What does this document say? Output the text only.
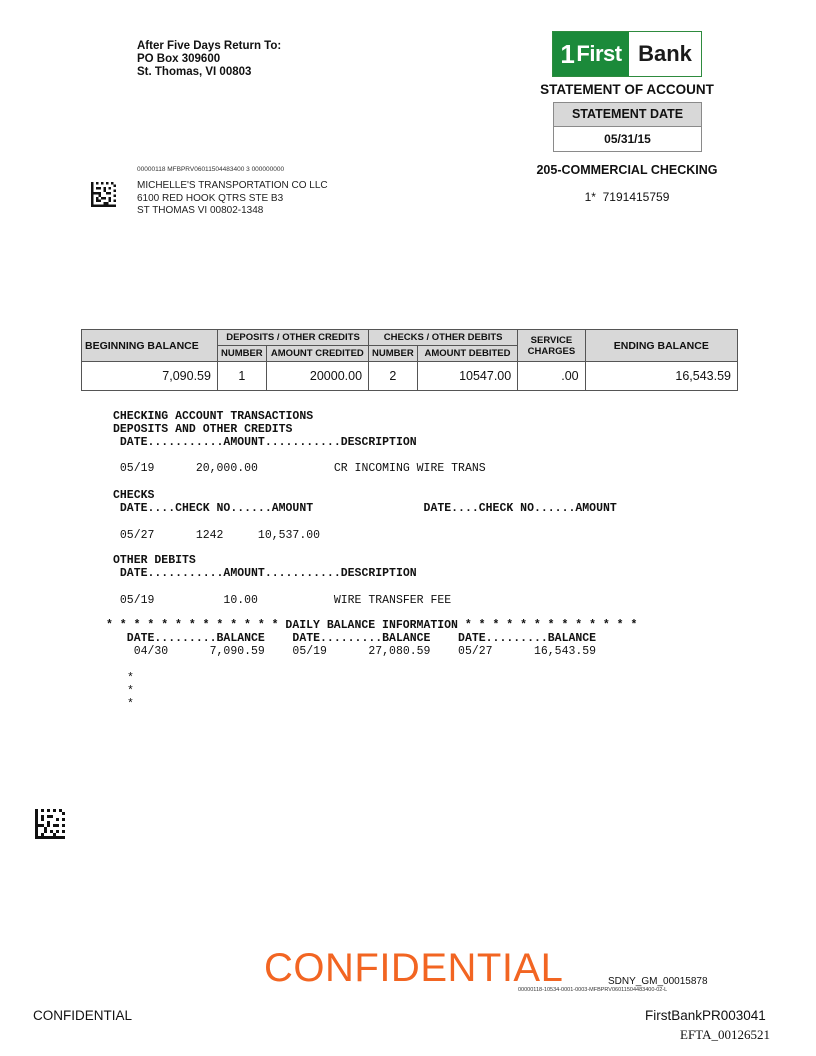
After Five Days Return To:
PO Box 309600
St. Thomas, VI 00803
1 First Bank
STATEMENT OF ACCOUNT
STATEMENT DATE
05/31/15
205-COMMERCIAL CHECKING
1*  7191415759
00000118 MFBPRV06011504483400 3 000000000
MICHELLE'S TRANSPORTATION CO LLC
6100 RED HOOK QTRS STE B3
ST THOMAS VI 00802-1348
BEGINNING BALANCE	DEPOSITS / OTHER CREDITS		CHECKS / OTHER DEBITS		SERVICE CHARGES	ENDING BALANCE
	NUMBER	AMOUNT CREDITED	NUMBER	AMOUNT DEBITED		
7,090.59	1	20000.00	2	10547.00	.00	16,543.59
CHECKING ACCOUNT TRANSACTIONS
DEPOSITS AND OTHER CREDITS
DATE...........AMOUNT...........DESCRIPTION
05/19      20,000.00           CR INCOMING WIRE TRANS
CHECKS
DATE....CHECK NO......AMOUNT                DATE....CHECK NO......AMOUNT
05/27      1242     10,537.00
OTHER DEBITS
DATE...........AMOUNT...........DESCRIPTION
05/19          10.00           WIRE TRANSFER FEE
* * * * * * * * * * * * * DAILY BALANCE INFORMATION * * * * * * * * * * * * *
DATE.........BALANCE    DATE.........BALANCE    DATE.........BALANCE
04/30      7,090.59    05/19      27,080.59    05/27      16,543.59
*
*
*
CONFIDENTIAL	SDNY_GM_00015878
00000118-10534-0001-0003-MFBPRV06011504483400-02-L
CONFIDENTIAL	FirstBankPR003041
EFTA_00126521
